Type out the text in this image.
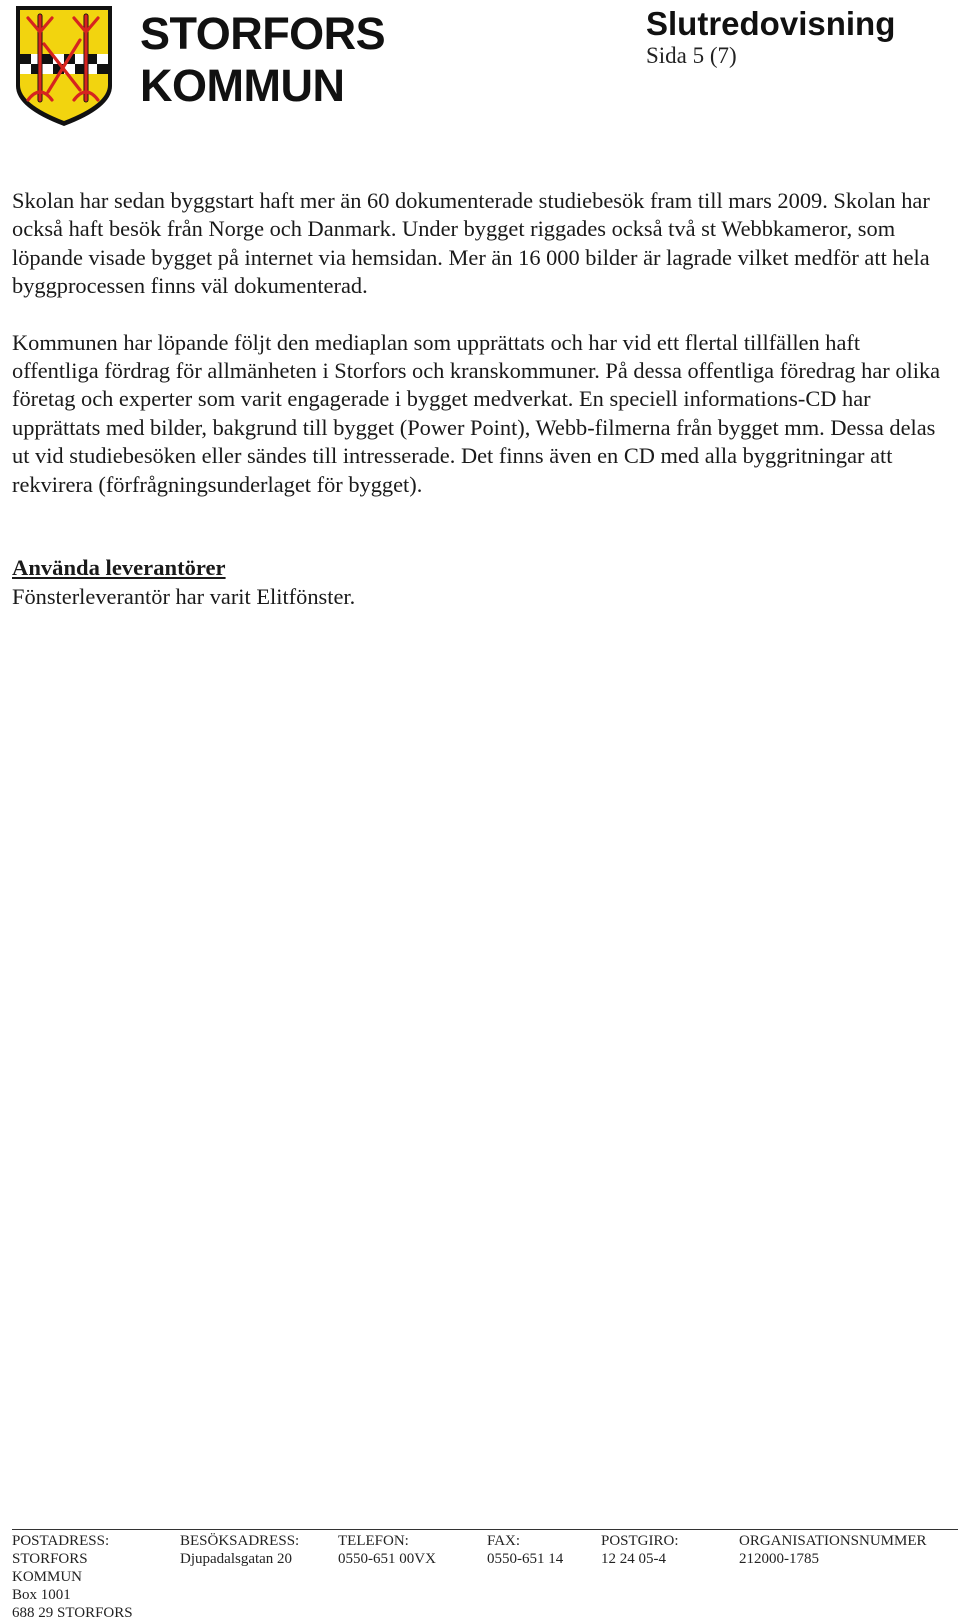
STORFORS
KOMMUN
Slutredovisning
Sida 5 (7)

Skolan har sedan byggstart haft mer än 60 dokumenterade studiebesök fram till mars 2009. Skolan har också haft besök från Norge och Danmark. Under bygget riggades också två st Webbkameror, som löpande visade bygget på internet via hemsidan. Mer än 16 000 bilder är lagrade vilket medför att hela byggprocessen finns väl dokumenterad.

Kommunen har löpande följt den mediaplan som upprättats och har vid ett flertal tillfällen haft offentliga fördrag för allmänheten i Storfors och kranskommuner. På dessa offentliga föredrag har olika företag och experter som varit engagerade i bygget medverkat. En speciell informations-CD har upprättats med bilder, bakgrund till bygget (Power Point), Webb-filmerna från bygget mm. Dessa delas ut vid studiebesöken eller sändes till intresserade. Det finns även en CD med alla byggritningar att rekvirera (förfrågningsunderlaget för bygget).

Använda leverantörer
Fönsterleverantör har varit Elitfönster.
POSTADRESS:
STORFORS
KOMMUN
Box 1001
688 29 STORFORS
BESÖKSADRESS:
Djupadalsgatan 20
TELEFON:
0550-651 00VX
FAX:
0550-651 14
POSTGIRO:
12 24 05-4
ORGANISATIONSNUMMER
212000-1785
